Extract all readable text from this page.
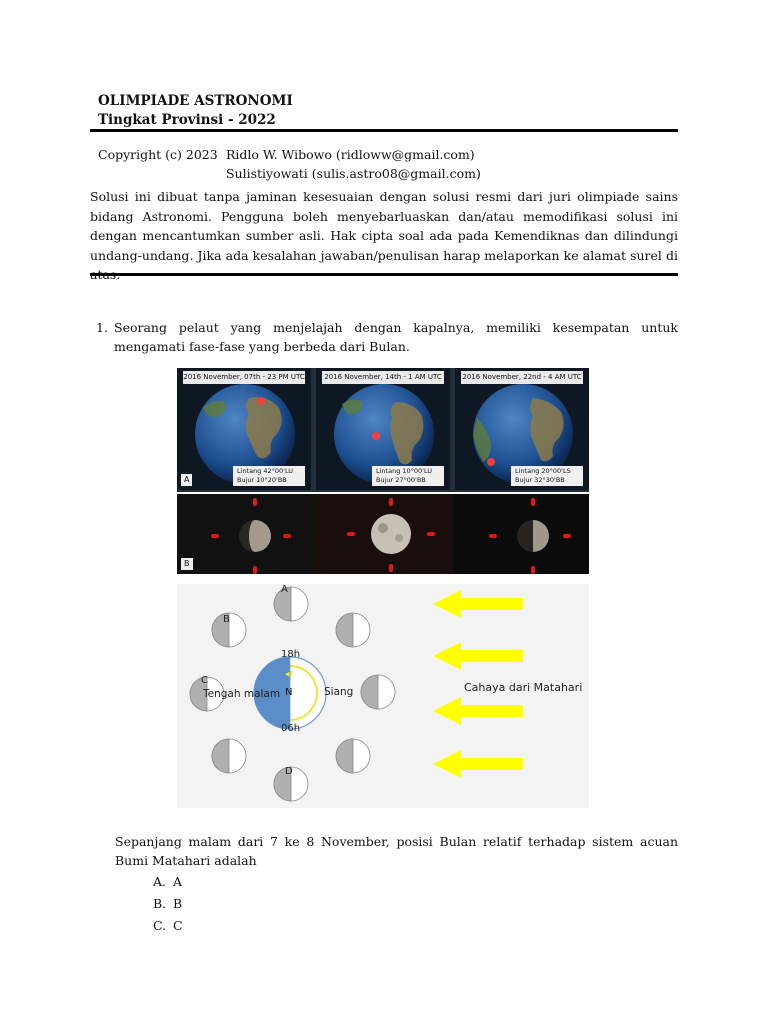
OLIMPIADE ASTRONOMI
Tingkat Provinsi - 2022
Copyright (c) 2023 Ridlo W. Wibowo (ridloww@gmail.com)
Sulistiyowati (sulis.astro08@gmail.com)
Solusi ini dibuat tanpa jaminan kesesuaian dengan solusi resmi dari juri olimpiade sains bidang Astronomi. Pengguna boleh menyebarluaskan dan/atau memodifikasi solusi ini dengan mencantumkan sumber asli. Hak cipta soal ada pada Kemendiknas dan dilindungi undang-undang. Jika ada kesalahan jawaban/penulisan harap melaporkan ke alamat surel di
1. Seorang pelaut yang menjelajah dengan kapalnya, memiliki kesempatan untuk mengamati fase-fase yang berbeda dari Bulan.
2016 November, 07th - 23 PM UTC
Lintang 42°00'LU
Bujur 10°20'BB
A
2016 November, 14th - 1 AM UTC
Lintang 10°00'LU
Bujur 27°00'BB
2016 November, 22nd - 4 AM UTC
Lintang 20°00'LS
Bujur 32°30'BB
B
A
B
C
D
18h
06h
Tengah malam N	Siang	Cahaya dari Matahari
Sepanjang malam dari 7 ke 8 November, posisi Bulan relatif terhadap sistem acuan Bumi Matahari adalah
A. A
B. B
C. C
